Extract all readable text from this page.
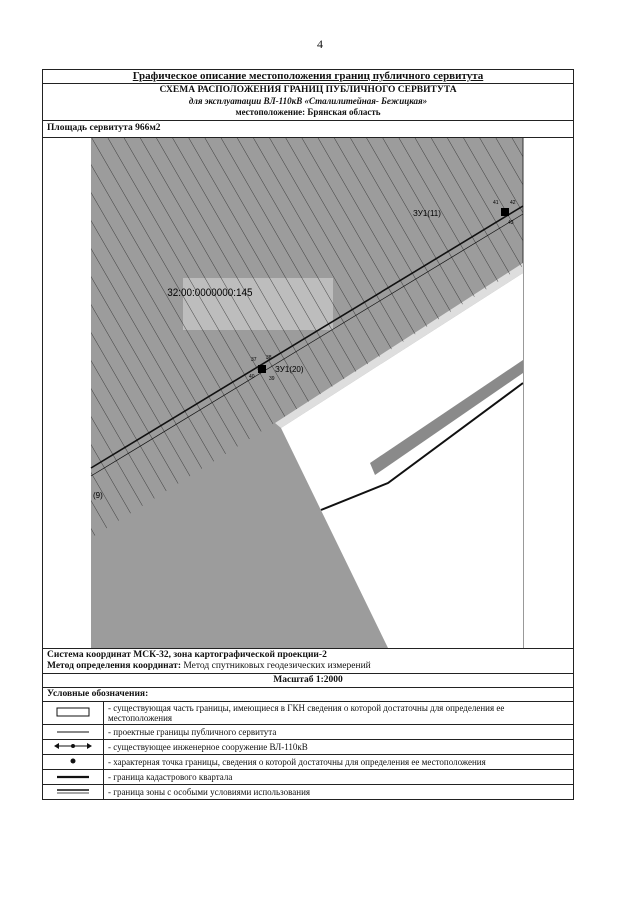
4
Графическое описание местоположения границ публичного сервитута
СХЕМА РАСПОЛОЖЕНИЯ ГРАНИЦ ПУБЛИЧНОГО СЕРВИТУТА
для эксплуатации ВЛ-110кВ «Сталилитейная- Бежицкая»
местоположение: Брянская область
Площадь сервитута 966м2
ЗУ1(11)
ЗУ1(20)
(9)
32:00:0000000:145
41 42
43
37 38
39
40
Система координат МСК-32, зона картографической проекции-2
Метод определения координат: Метод спутниковых геодезических измерений
Масштаб 1:2000
Условные обозначения:
	- существующая часть границы, имеющиеся в ГКН сведения о которой достаточны для определения ее местоположения
	- проектные границы публичного сервитута
	- существующее инженерное сооружение ВЛ-110кВ
	- характерная точка границы, сведения о которой достаточны для определения ее местоположения
	- граница кадастрового квартала
	- граница зоны с особыми условиями использования
